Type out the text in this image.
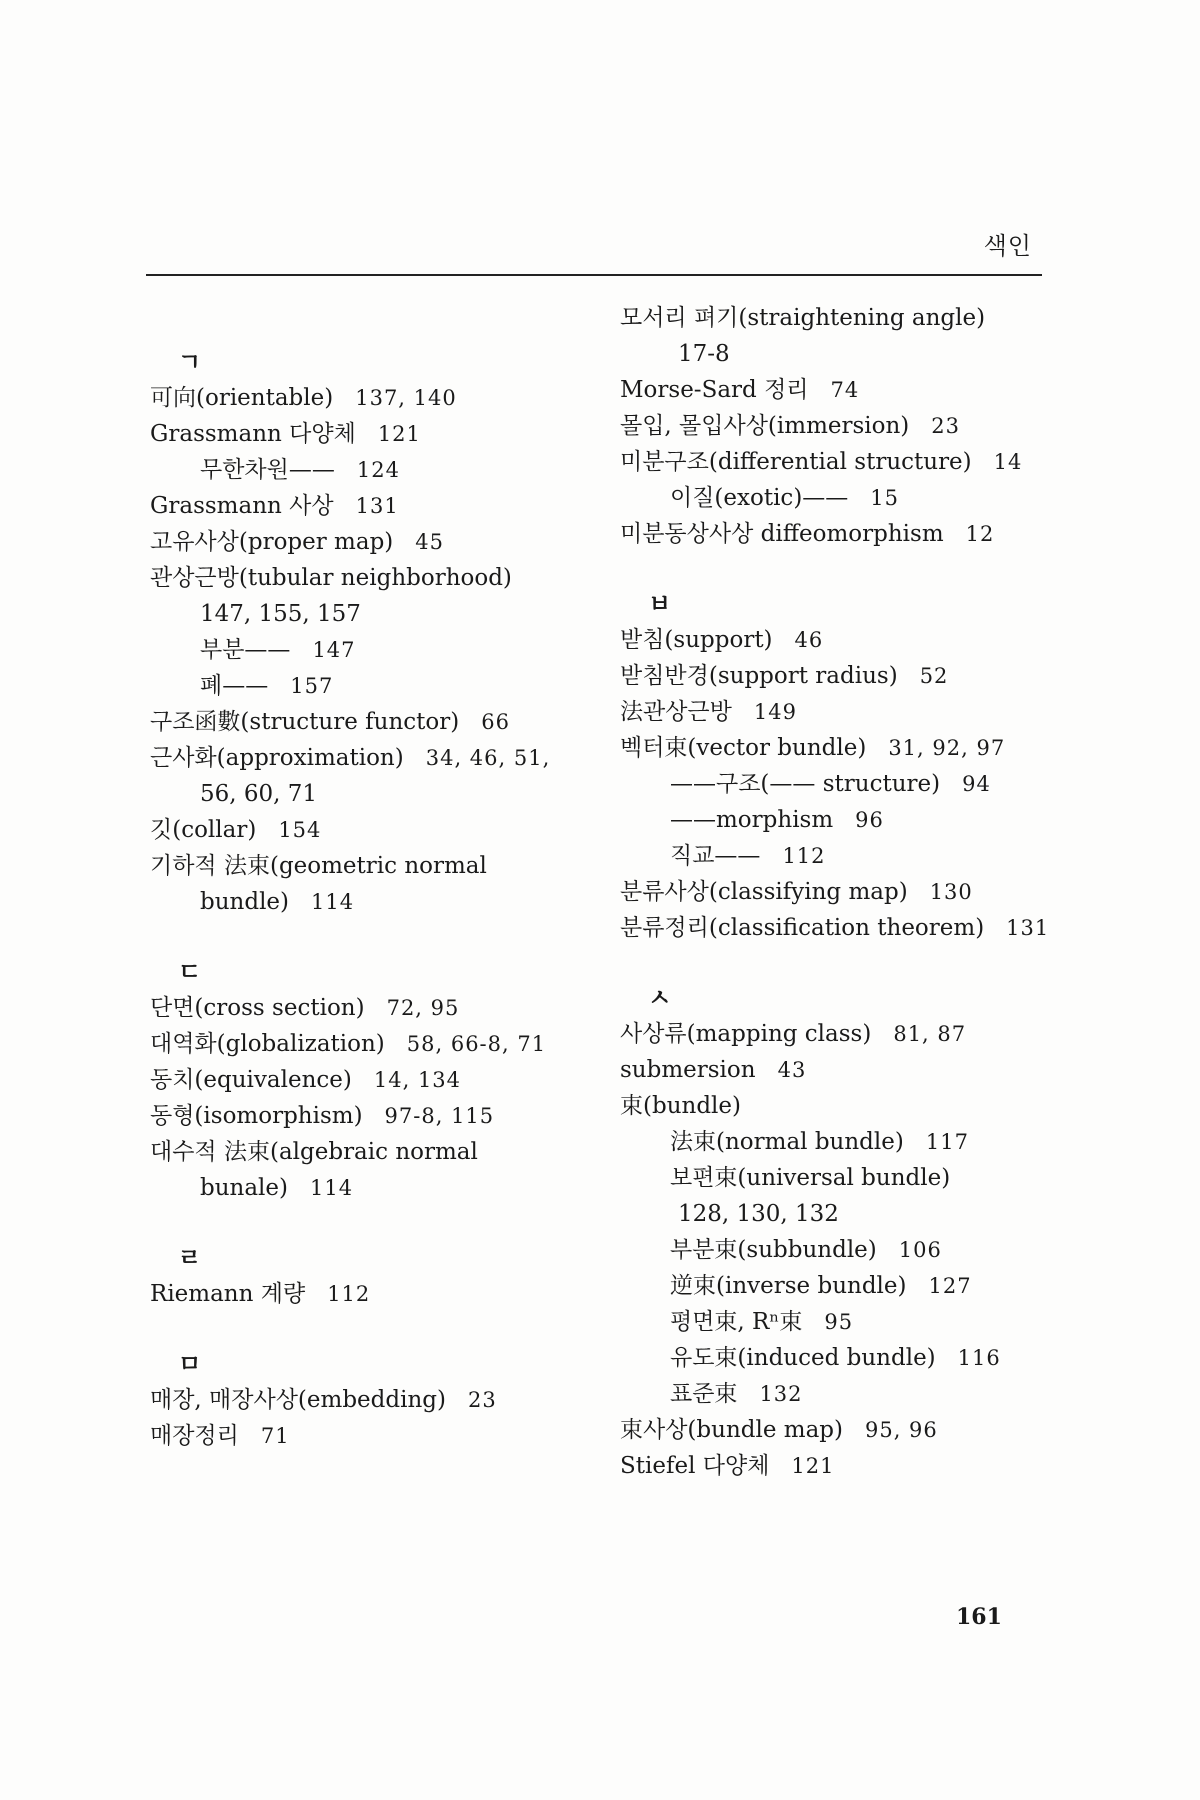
색인
ㄱ
可向(orientable) 137, 140
Grassmann 다양체 121
무한차원—— 124
Grassmann 사상 131
고유사상(proper map) 45
관상근방(tubular neighborhood)
147, 155, 157
부분—— 147
폐—— 157
구조函數(structure functor) 66
근사화(approximation) 34, 46, 51,
56, 60, 71
깃(collar) 154
기하적 法束(geometric normal
bundle) 114
ㄷ
단면(cross section) 72, 95
대역화(globalization) 58, 66-8, 71
동치(equivalence) 14, 134
동형(isomorphism) 97-8, 115
대수적 法束(algebraic normal
bunale) 114
ㄹ
Riemann 계량 112
ㅁ
매장, 매장사상(embedding) 23
매장정리 71
모서리 펴기(straightening angle)
17-8
Morse-Sard 정리 74
몰입, 몰입사상(immersion) 23
미분구조(differential structure) 14
이질(exotic)—— 15
미분동상사상 diffeomorphism 12
ㅂ
받침(support) 46
받침반경(support radius) 52
法관상근방 149
벡터束(vector bundle) 31, 92, 97
——구조(—— structure) 94
——morphism 96
직교—— 112
분류사상(classifying map) 130
분류정리(classification theorem) 131
ㅅ
사상류(mapping class) 81, 87
submersion 43
束(bundle)
法束(normal bundle) 117
보편束(universal bundle)
128, 130, 132
부분束(subbundle) 106
逆束(inverse bundle) 127
평면束, Rⁿ束 95
유도束(induced bundle) 116
표준束 132
束사상(bundle map) 95, 96
Stiefel 다양체 121
161
